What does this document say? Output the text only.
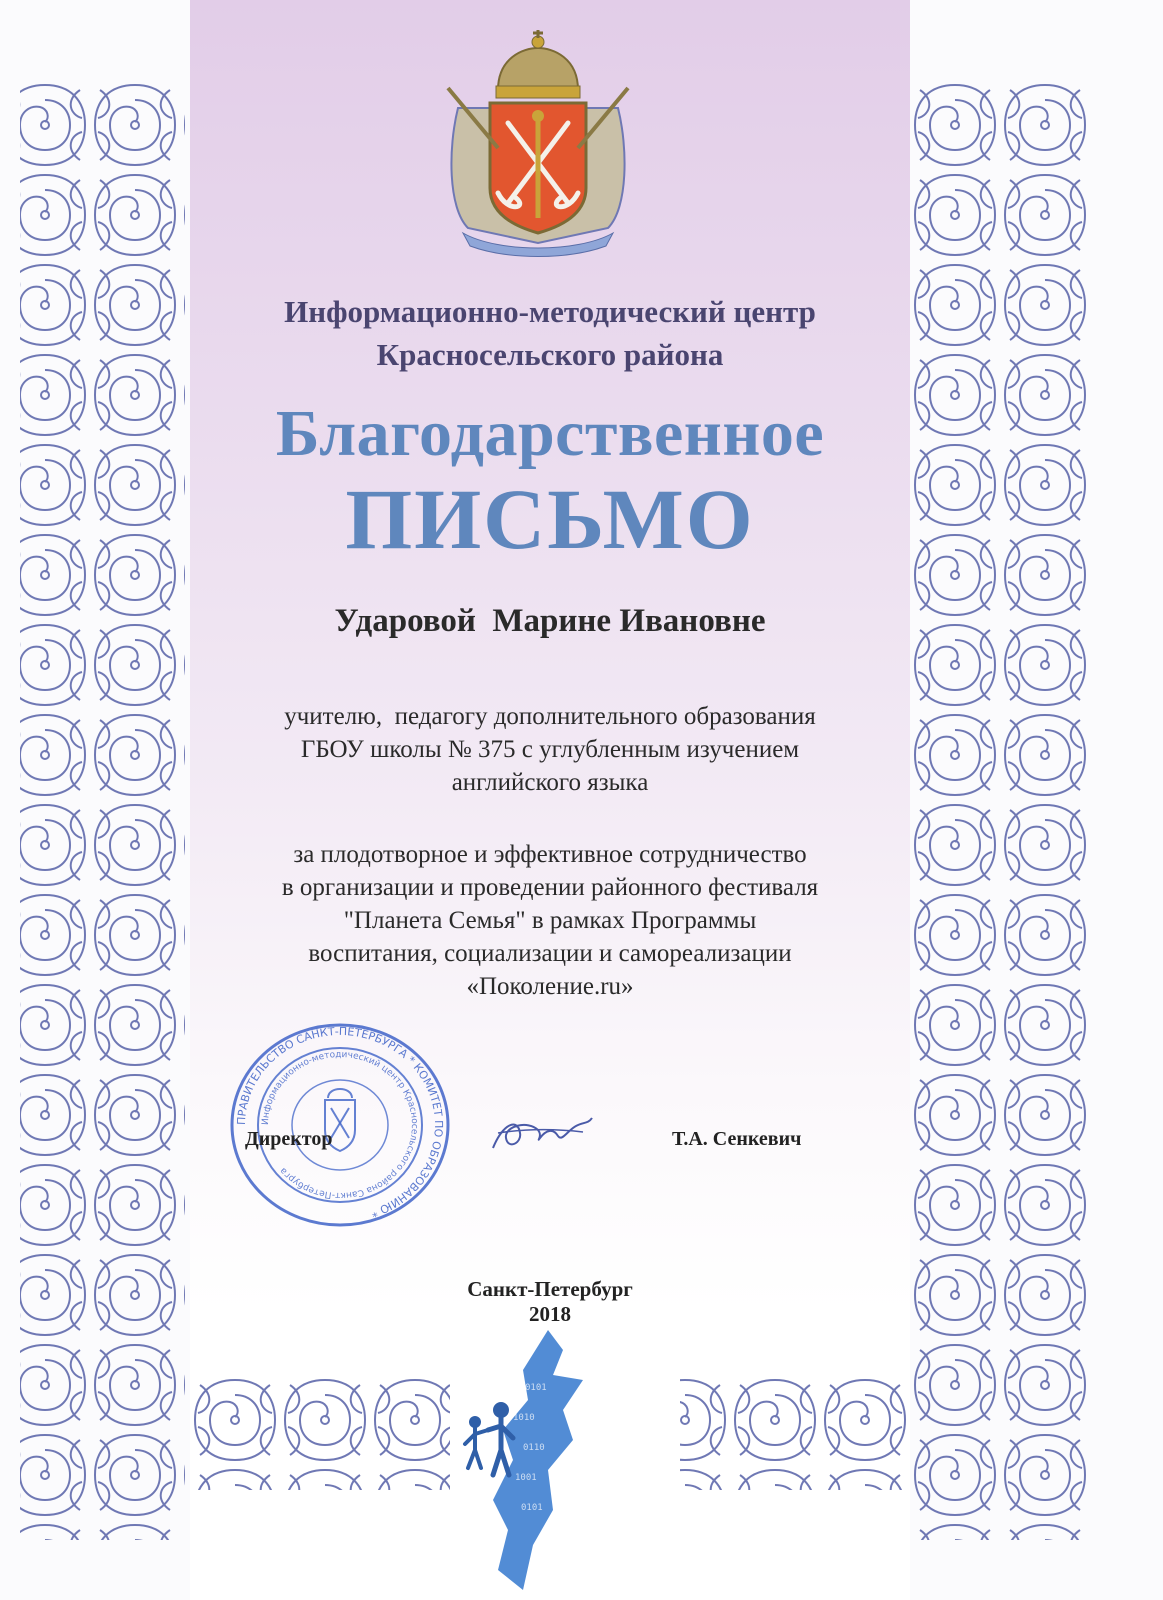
Информационно-методический центр
Красносельского района
Благодарственное
ПИСЬМО
Ударовой  Марине Ивановне
учителю,  педагогу дополнительного образования
ГБОУ школы № 375 с углубленным изучением
английского языка
за плодотворное и эффективное сотрудничество
в организации и проведении районного фестиваля
"Планета Семья" в рамках Программы
воспитания, социализации и самореализации
«Поколение.ru»
ПРАВИТЕЛЬСТВО САНКТ-ПЕТЕРБУРГА * КОМИТЕТ ПО ОБРАЗОВАНИЮ *
Информационно-методический центр Красносельского района Санкт-Петербурга
Директор	Т.А. Сенкевич
Санкт-Петербург
2018
0101
1010
0110
1001
0101
